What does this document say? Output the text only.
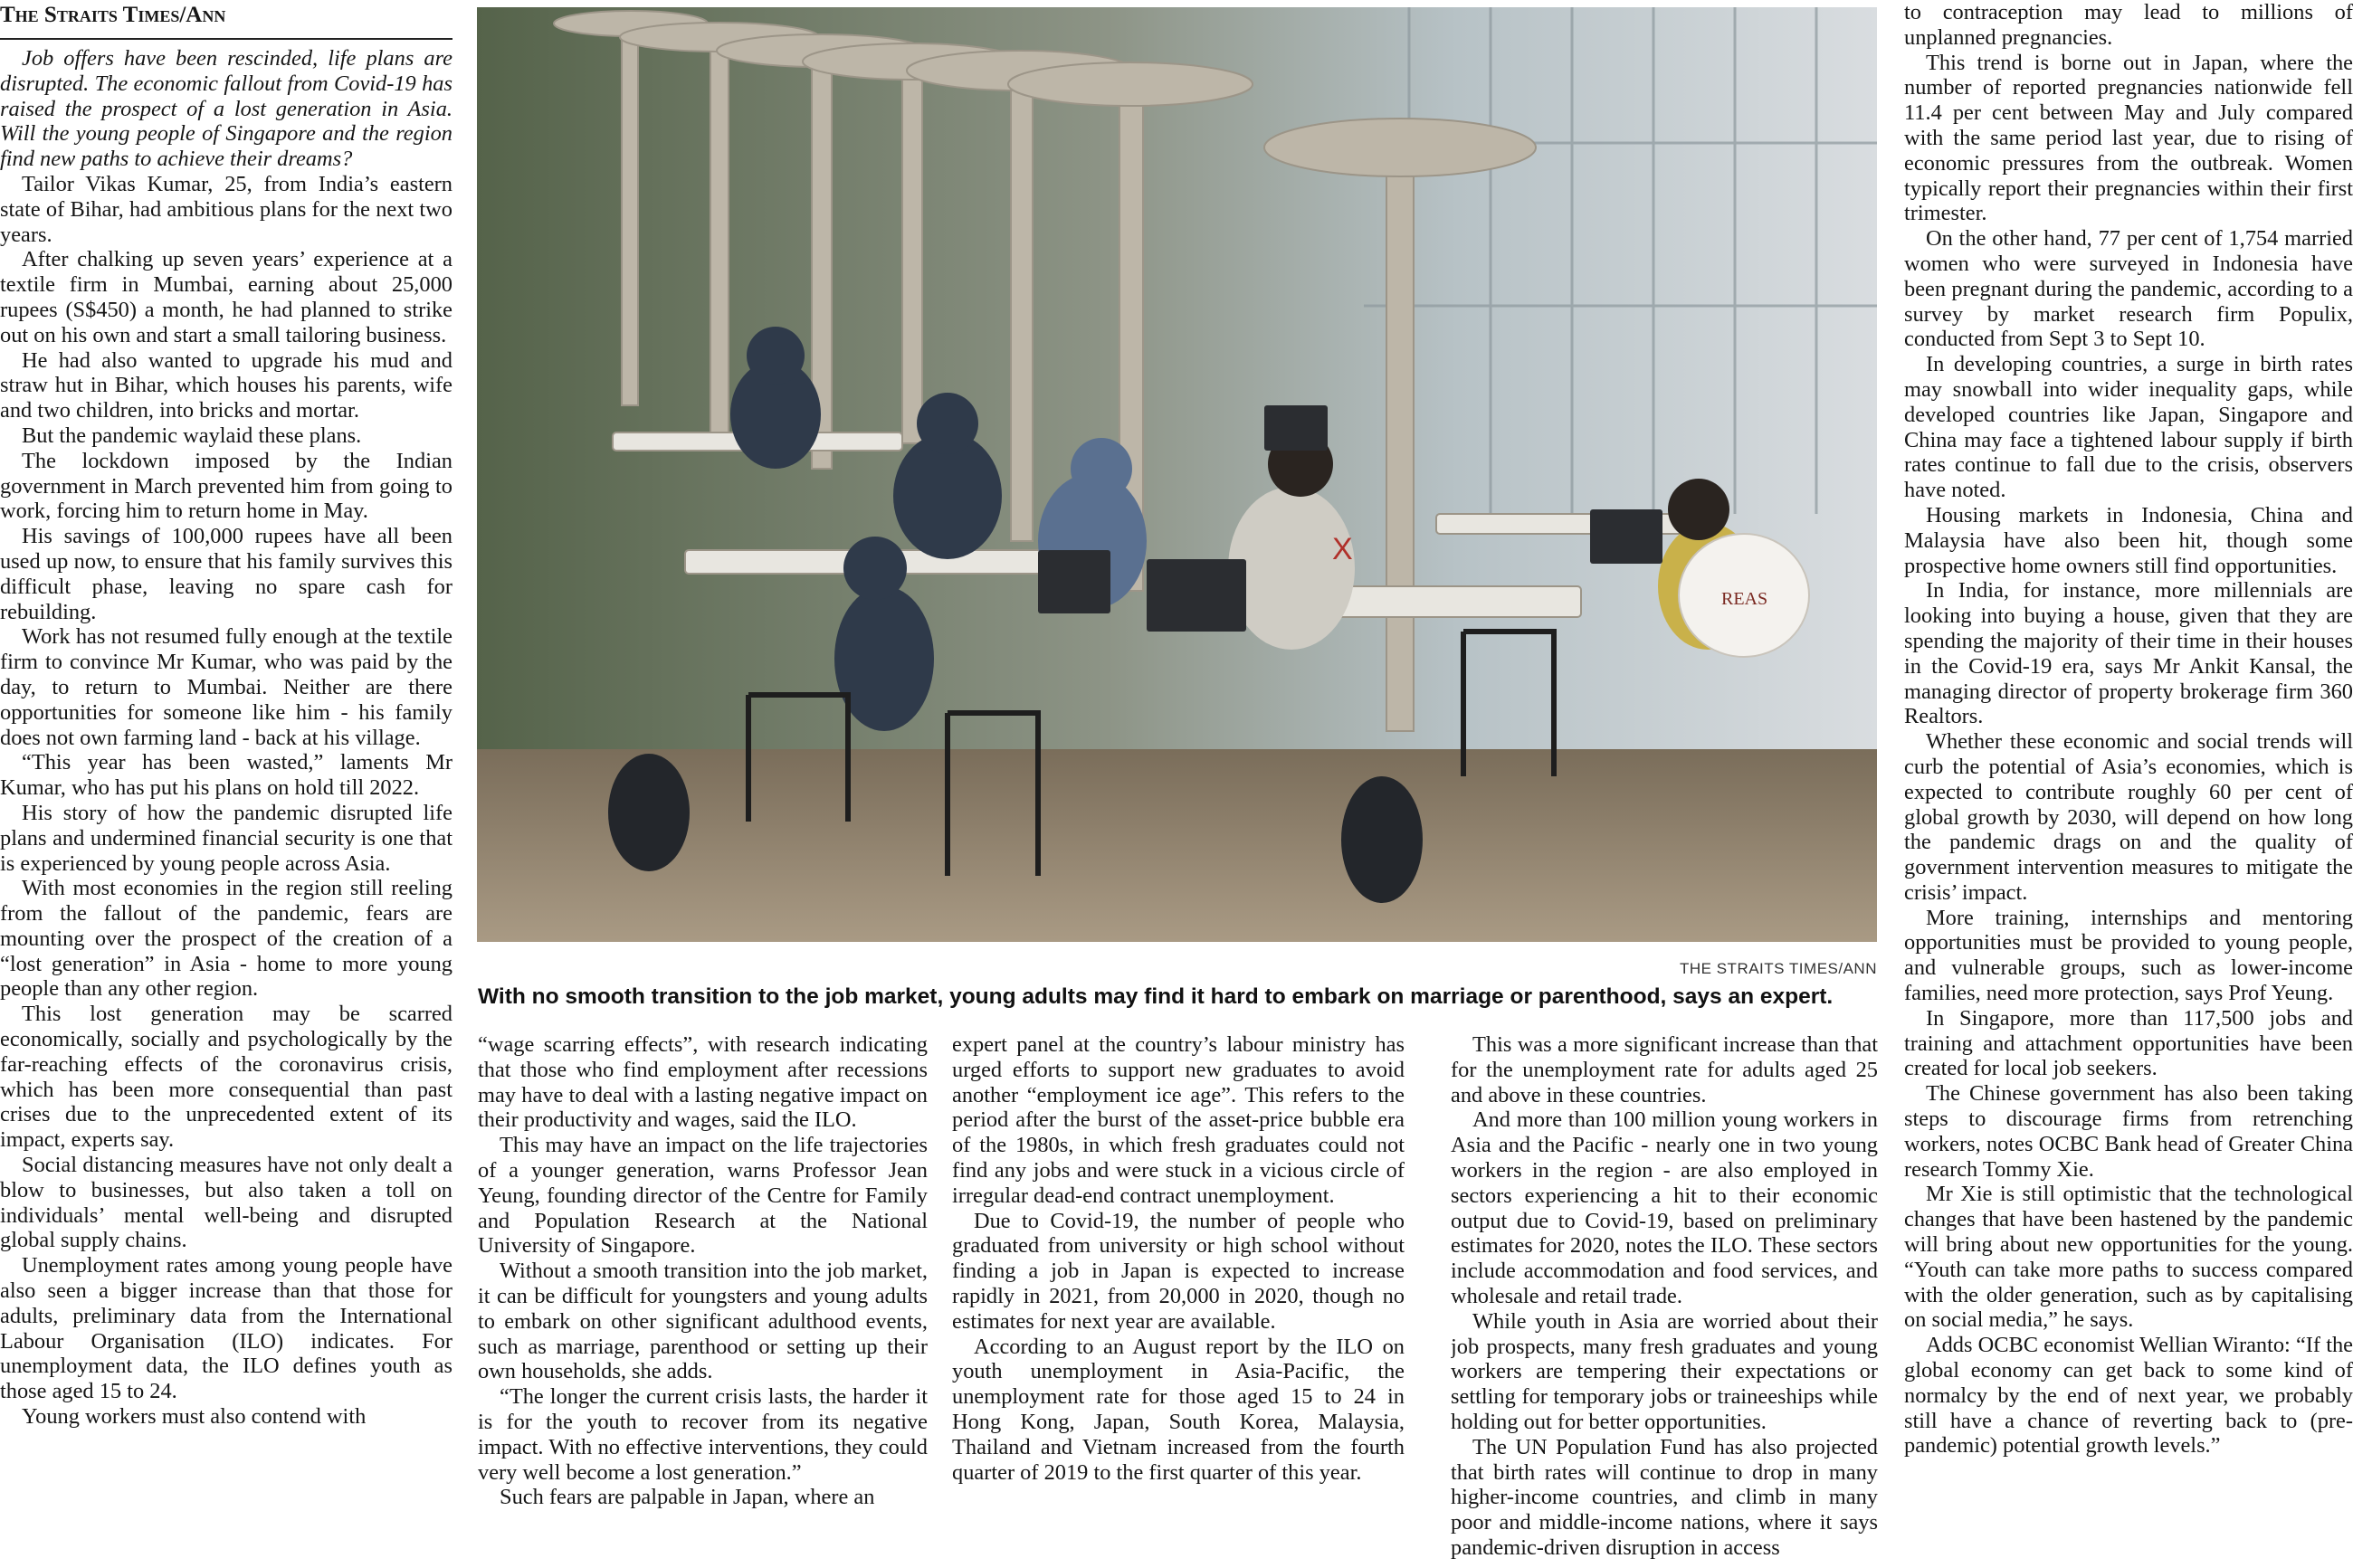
The Straits Times/Ann

Job offers have been rescinded, life plans are disrupted. The economic fallout from Covid-19 has raised the prospect of a lost generation in Asia. Will the young people of Singapore and the region find new paths to achieve their dreams?

Tailor Vikas Kumar, 25, from India’s eastern state of Bihar, had ambitious plans for the next two years.

After chalking up seven years’ experience at a textile firm in Mumbai, earning about 25,000 rupees (S$450) a month, he had planned to strike out on his own and start a small tailoring business.

He had also wanted to upgrade his mud and straw hut in Bihar, which houses his parents, wife and two children, into bricks and mortar.

But the pandemic waylaid these plans.

The lockdown imposed by the Indian government in March prevented him from going to work, forcing him to return home in May.

His savings of 100,000 rupees have all been used up now, to ensure that his family survives this difficult phase, leaving no spare cash for rebuilding.

Work has not resumed fully enough at the textile firm to convince Mr Kumar, who was paid by the day, to return to Mumbai. Neither are there opportunities for someone like him - his family does not own farming land - back at his village.

“This year has been wasted,” laments Mr Kumar, who has put his plans on hold till 2022.

His story of how the pandemic disrupted life plans and undermined financial security is one that is experienced by young people across Asia.

With most economies in the region still reeling from the fallout of the pandemic, fears are mounting over the prospect of the creation of a “lost generation” in Asia - home to more young people than any other region.

This lost generation may be scarred economically, socially and psychologically by the far-reaching effects of the coronavirus crisis, which has been more consequential than past crises due to the unprecedented extent of its impact, experts say.

Social distancing measures have not only dealt a blow to businesses, but also taken a toll on individuals’ mental well-being and disrupted global supply chains.

Unemployment rates among young people have also seen a bigger increase than that those for adults, preliminary data from the International Labour Organisation (ILO) indicates. For unemployment data, the ILO defines youth as those aged 15 to 24.

Young workers must also contend with

X
REAS
THE STRAITS TIMES/ANN
With no smooth transition to the job market, young adults may find it hard to embark on marriage or parenthood, says an expert.

“wage scarring effects”, with research indicating that those who find employment after recessions may have to deal with a lasting negative impact on their productivity and wages, said the ILO.

This may have an impact on the life trajectories of a younger generation, warns Professor Jean Yeung, founding director of the Centre for Family and Population Research at the National University of Singapore.

Without a smooth transition into the job market, it can be difficult for youngsters and young adults to embark on other significant adulthood events, such as marriage, parenthood or setting up their own households, she adds.

“The longer the current crisis lasts, the harder it is for the youth to recover from its negative impact. With no effective interventions, they could very well become a lost generation.”

Such fears are palpable in Japan, where an

expert panel at the country’s labour ministry has urged efforts to support new graduates to avoid another “employment ice age”. This refers to the period after the burst of the asset-price bubble era of the 1980s, in which fresh graduates could not find any jobs and were stuck in a vicious circle of irregular dead-end contract unemployment.

Due to Covid-19, the number of people who graduated from university or high school without finding a job in Japan is expected to increase rapidly in 2021, from 20,000 in 2020, though no estimates for next year are available.

According to an August report by the ILO on youth unemployment in Asia-Pacific, the unemployment rate for those aged 15 to 24 in Hong Kong, Japan, South Korea, Malaysia, Thailand and Vietnam increased from the fourth quarter of 2019 to the first quarter of this year.

This was a more significant increase than that for the unemployment rate for adults aged 25 and above in these countries.

And more than 100 million young workers in Asia and the Pacific - nearly one in two young workers in the region - are also employed in sectors experiencing a hit to their economic output due to Covid-19, based on preliminary estimates for 2020, notes the ILO. These sectors include accommodation and food services, and wholesale and retail trade.

While youth in Asia are worried about their job prospects, many fresh graduates and young workers are tempering their expectations or settling for temporary jobs or traineeships while holding out for better opportunities.

The UN Population Fund has also projected that birth rates will continue to drop in many higher-income countries, and climb in many poor and middle-income nations, where it says pandemic-driven disruption in access

to contraception may lead to millions of unplanned pregnancies.

This trend is borne out in Japan, where the number of reported pregnancies nationwide fell 11.4 per cent between May and July compared with the same period last year, due to rising of economic pressures from the outbreak. Women typically report their pregnancies within their first trimester.

On the other hand, 77 per cent of 1,754 married women who were surveyed in Indonesia have been pregnant during the pandemic, according to a survey by market research firm Populix, conducted from Sept 3 to Sept 10.

In developing countries, a surge in birth rates may snowball into wider inequality gaps, while developed countries like Japan, Singapore and China may face a tightened labour supply if birth rates continue to fall due to the crisis, observers have noted.

Housing markets in Indonesia, China and Malaysia have also been hit, though some prospective home owners still find opportunities.

In India, for instance, more millennials are looking into buying a house, given that they are spending the majority of their time in their houses in the Covid-19 era, says Mr Ankit Kansal, the managing director of property brokerage firm 360 Realtors.

Whether these economic and social trends will curb the potential of Asia’s economies, which is expected to contribute roughly 60 per cent of global growth by 2030, will depend on how long the pandemic drags on and the quality of government intervention measures to mitigate the crisis’ impact.

More training, internships and mentoring opportunities must be provided to young people, and vulnerable groups, such as lower-income families, need more protection, says Prof Yeung.

In Singapore, more than 117,500 jobs and training and attachment opportunities have been created for local job seekers.

The Chinese government has also been taking steps to discourage firms from retrenching workers, notes OCBC Bank head of Greater China research Tommy Xie.

Mr Xie is still optimistic that the technological changes that have been hastened by the pandemic will bring about new opportunities for the young. “Youth can take more paths to success compared with the older generation, such as by capitalising on social media,” he says.

Adds OCBC economist Wellian Wiranto: “If the global economy can get back to some kind of normalcy by the end of next year, we probably still have a chance of reverting back to (pre-pandemic) potential growth levels.”
